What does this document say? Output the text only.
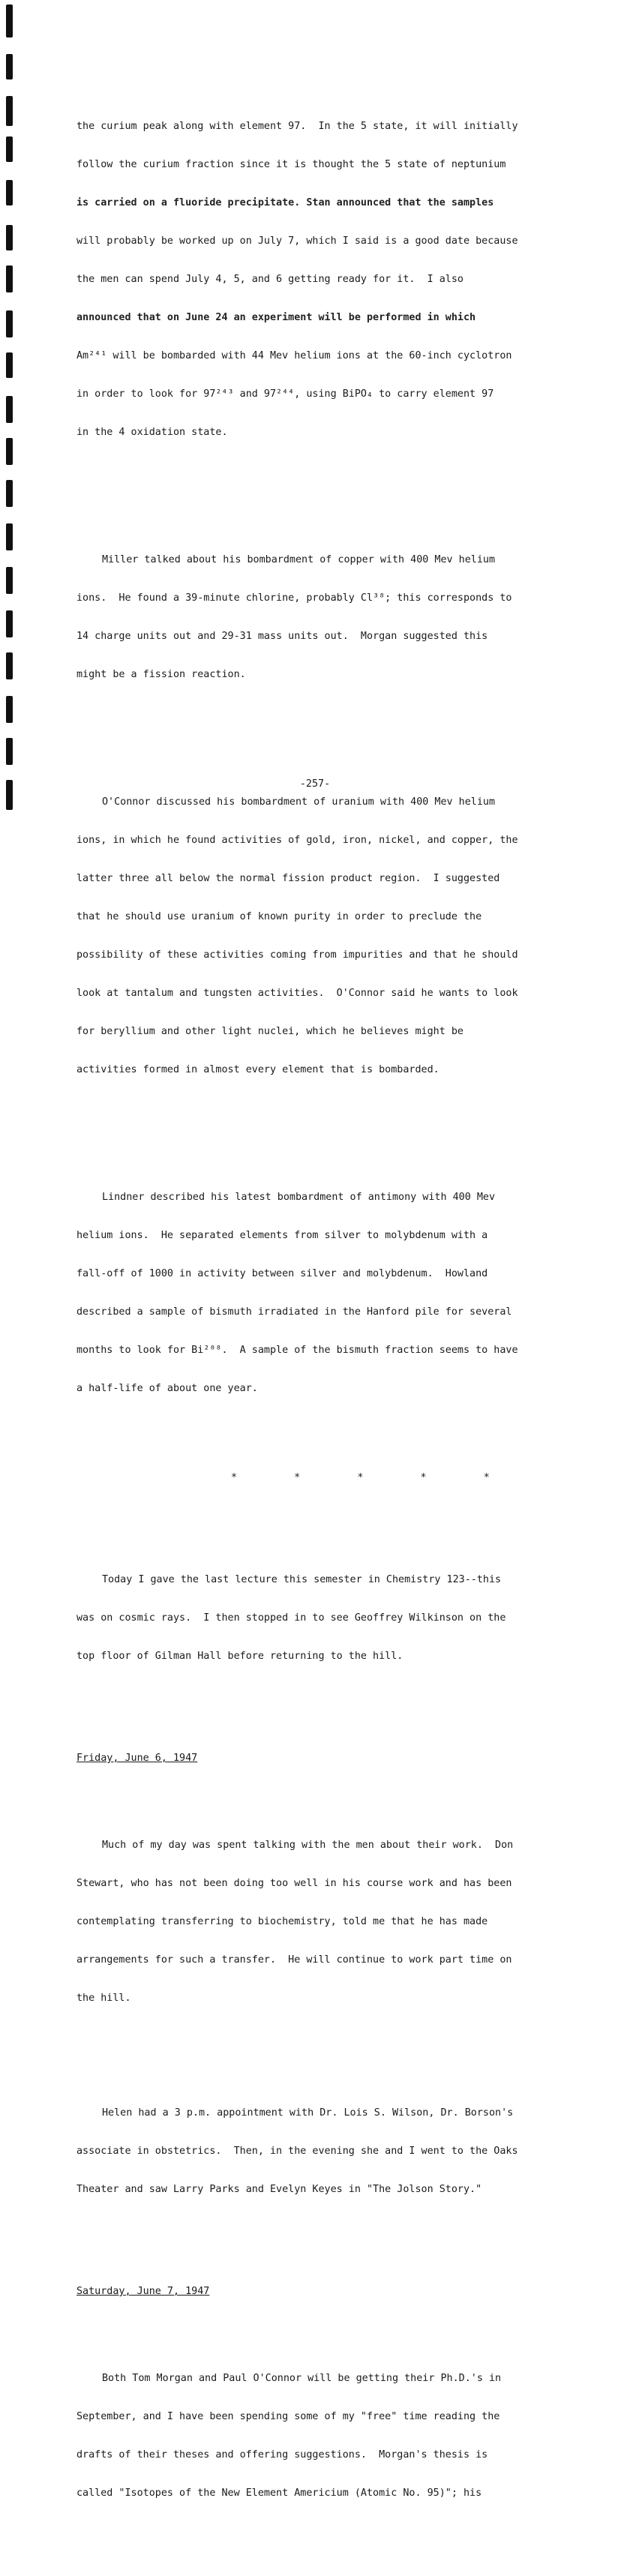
the curium peak along with element 97.  In the 5 state, it will initially

follow the curium fraction since it is thought the 5 state of neptunium

is carried on a fluoride precipitate. Stan announced that the samples

will probably be worked up on July 7, which I said is a good date because

the men can spend July 4, 5, and 6 getting ready for it.  I also

announced that on June 24 an experiment will be performed in which

Am²⁴¹ will be bombarded with 44 Mev helium ions at the 60-inch cyclotron

in order to look for 97²⁴³ and 97²⁴⁴, using BiPO₄ to carry element 97

in the 4 oxidation state.

Miller talked about his bombardment of copper with 400 Mev helium

ions.  He found a 39-minute chlorine, probably Cl³⁸; this corresponds to

14 charge units out and 29-31 mass units out.  Morgan suggested this

might be a fission reaction.

O'Connor discussed his bombardment of uranium with 400 Mev helium

ions, in which he found activities of gold, iron, nickel, and copper, the

latter three all below the normal fission product region.  I suggested

that he should use uranium of known purity in order to preclude the

possibility of these activities coming from impurities and that he should

look at tantalum and tungsten activities.  O'Connor said he wants to look

for beryllium and other light nuclei, which he believes might be

activities formed in almost every element that is bombarded.

Lindner described his latest bombardment of antimony with 400 Mev

helium ions.  He separated elements from silver to molybdenum with a

fall-off of 1000 in activity between silver and molybdenum.  Howland

described a sample of bismuth irradiated in the Hanford pile for several

months to look for Bi²⁰⁸.  A sample of the bismuth fraction seems to have

a half-life of about one year.

*  *  *  *  *

Today I gave the last lecture this semester in Chemistry 123--this

was on cosmic rays.  I then stopped in to see Geoffrey Wilkinson on the

top floor of Gilman Hall before returning to the hill.

Friday, June 6, 1947

Much of my day was spent talking with the men about their work.  Don

Stewart, who has not been doing too well in his course work and has been

contemplating transferring to biochemistry, told me that he has made

arrangements for such a transfer.  He will continue to work part time on

the hill.

Helen had a 3 p.m. appointment with Dr. Lois S. Wilson, Dr. Borson's

associate in obstetrics.  Then, in the evening she and I went to the Oaks

Theater and saw Larry Parks and Evelyn Keyes in "The Jolson Story."

Saturday, June 7, 1947

Both Tom Morgan and Paul O'Connor will be getting their Ph.D.'s in

September, and I have been spending some of my "free" time reading the

drafts of their theses and offering suggestions.  Morgan's thesis is

called "Isotopes of the New Element Americium (Atomic No. 95)"; his

-257-
